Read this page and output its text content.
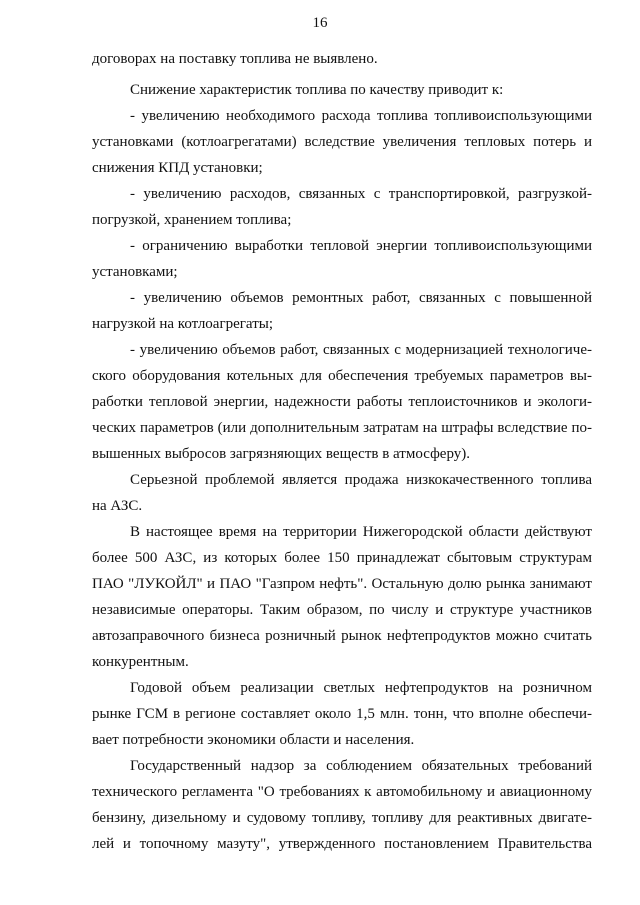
16
договорах на поставку топлива не выявлено.
Снижение характеристик топлива по качеству приводит к:
- увеличению необходимого расхода топлива топливоиспользующими
установками (котлоагрегатами) вследствие увеличения тепловых потерь и
снижения КПД установки;
- увеличению расходов, связанных с транспортировкой, разгрузкой-
погрузкой, хранением топлива;
- ограничению выработки тепловой энергии топливоиспользующими
установками;
- увеличению объемов ремонтных работ, связанных с повышенной
нагрузкой на котлоагрегаты;
- увеличению объемов работ, связанных с модернизацией технологиче-
ского оборудования котельных для обеспечения требуемых параметров вы-
работки тепловой энергии, надежности работы теплоисточников и экологи-
ческих параметров (или дополнительным затратам на штрафы вследствие по-
вышенных выбросов загрязняющих веществ в атмосферу).
Серьезной проблемой является продажа низкокачественного топлива
на АЗС.
В настоящее время на территории Нижегородской области действуют
более 500 АЗС, из которых более 150 принадлежат сбытовым структурам
ПАО "ЛУКОЙЛ" и ПАО "Газпром нефть". Остальную долю рынка занимают
независимые операторы. Таким образом, по числу и структуре участников
автозаправочного бизнеса розничный рынок нефтепродуктов можно считать
конкурентным.
Годовой объем реализации светлых нефтепродуктов на розничном
рынке ГСМ в регионе составляет около 1,5 млн. тонн, что вполне обеспечи-
вает потребности экономики области и населения.
Государственный надзор за соблюдением обязательных требований
технического регламента "О требованиях к автомобильному и авиационному
бензину, дизельному и судовому топливу, топливу для реактивных двигате-
лей и топочному мазуту", утвержденного постановлением Правительства
